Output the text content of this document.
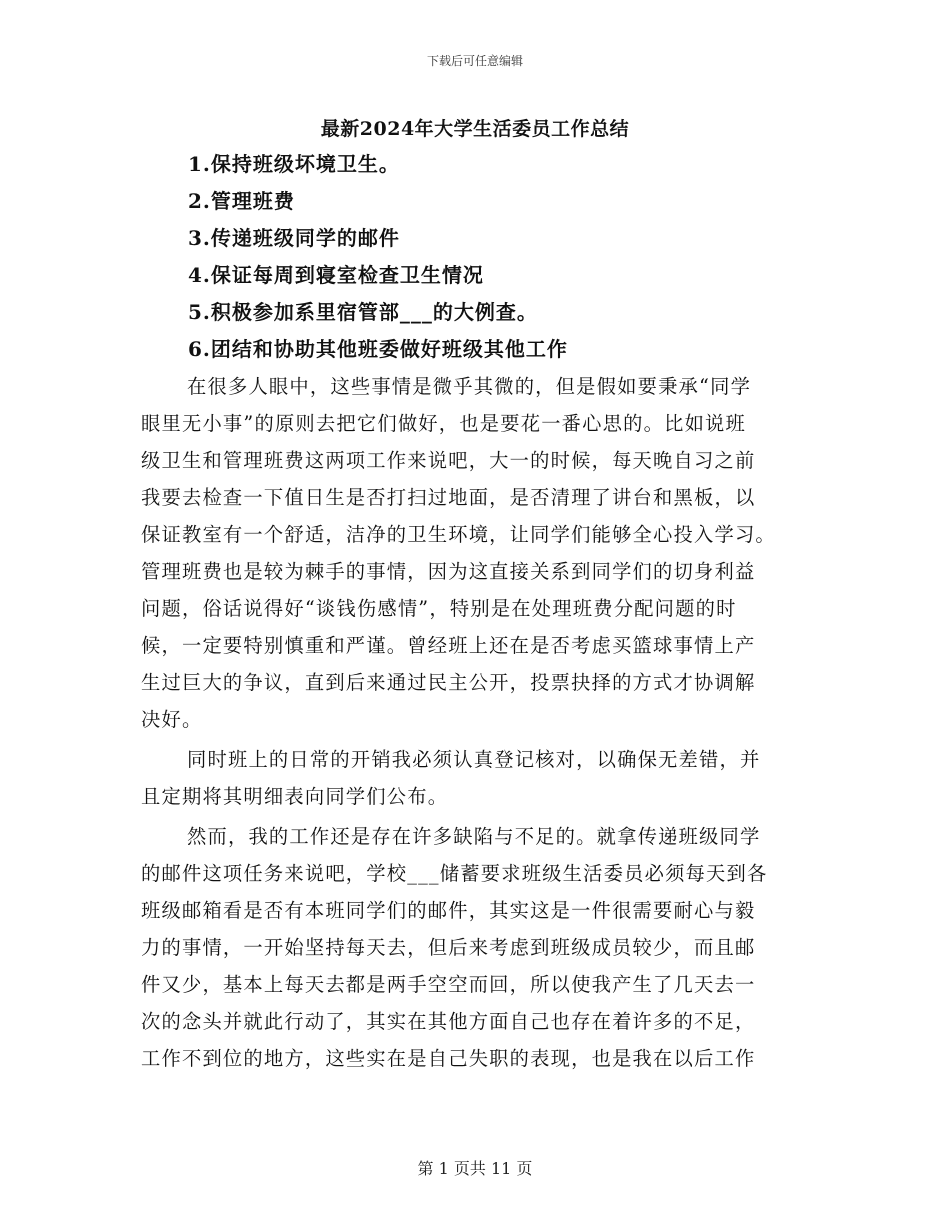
下载后可任意编辑
最新2024年大学生活委员工作总结
1.保持班级坏境卫生。
2.管理班费
3.传递班级同学的邮件
4.保证每周到寝室检查卫生情况
5.积极参加系里宿管部___的大例查。
6.团结和协助其他班委做好班级其他工作
在很多人眼中，这些事情是微乎其微的，但是假如要秉承“同学
眼里无小事”的原则去把它们做好，也是要花一番心思的。比如说班
级卫生和管理班费这两项工作来说吧，大一的时候，每天晚自习之前
我要去检查一下值日生是否打扫过地面，是否清理了讲台和黑板，以
保证教室有一个舒适，洁净的卫生环境，让同学们能够全心投入学习。
管理班费也是较为棘手的事情，因为这直接关系到同学们的切身利益
问题，俗话说得好“谈钱伤感情”，特别是在处理班费分配问题的时
候，一定要特别慎重和严谨。曾经班上还在是否考虑买篮球事情上产
生过巨大的争议，直到后来通过民主公开，投票抉择的方式才协调解
决好。
同时班上的日常的开销我必须认真登记核对，以确保无差错，并
且定期将其明细表向同学们公布。
然而，我的工作还是存在许多缺陷与不足的。就拿传递班级同学
的邮件这项任务来说吧，学校___储蓄要求班级生活委员必须每天到各
班级邮箱看是否有本班同学们的邮件，其实这是一件很需要耐心与毅
力的事情，一开始坚持每天去，但后来考虑到班级成员较少，而且邮
件又少，基本上每天去都是两手空空而回，所以使我产生了几天去一
次的念头并就此行动了，其实在其他方面自己也存在着许多的不足，
工作不到位的地方，这些实在是自己失职的表现，也是我在以后工作
第 1 页共 11 页
